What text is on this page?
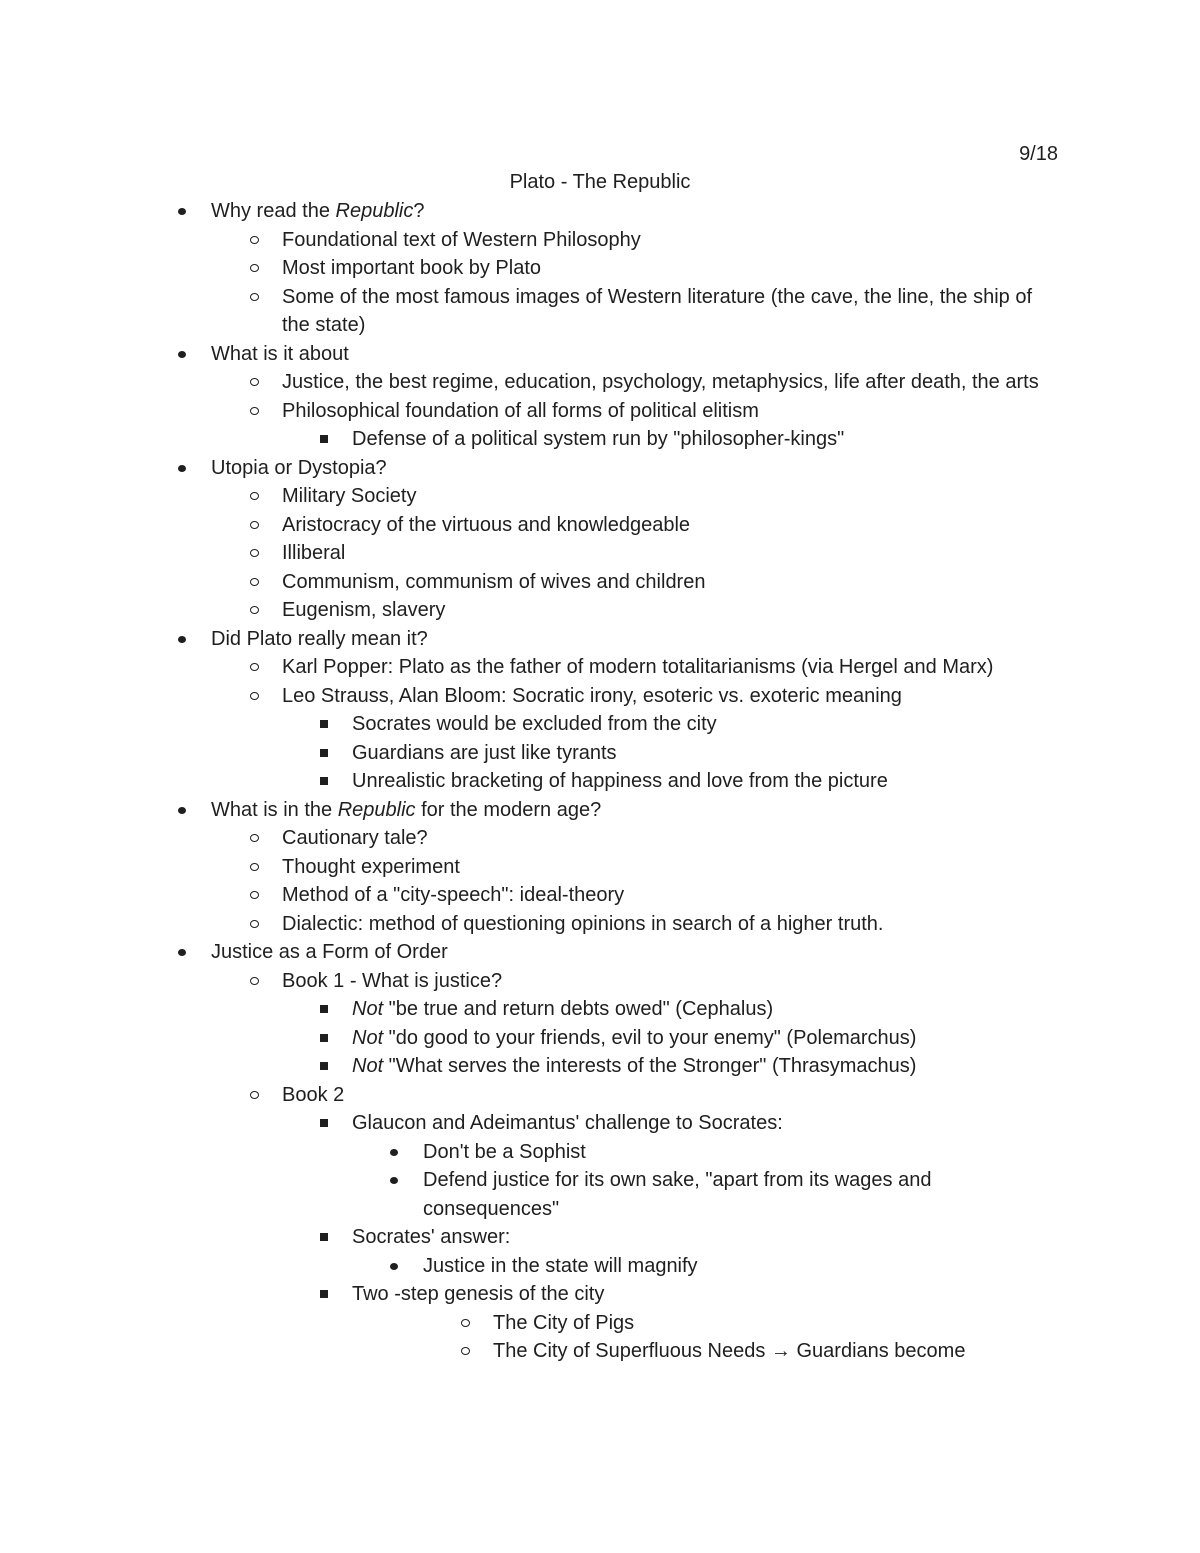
9/18
Plato - The Republic
Why read the Republic?
Foundational text of Western Philosophy
Most important book by Plato
Some of the most famous images of Western literature (the cave, the line, the ship of the state)
What is it about
Justice, the best regime, education, psychology, metaphysics, life after death, the arts
Philosophical foundation of all forms of political elitism
Defense of a political system run by "philosopher-kings"
Utopia or Dystopia?
Military Society
Aristocracy of the virtuous and knowledgeable
Illiberal
Communism, communism of wives and children
Eugenism, slavery
Did Plato really mean it?
Karl Popper: Plato as the father of modern totalitarianisms (via Hergel and Marx)
Leo Strauss, Alan Bloom: Socratic irony, esoteric vs. exoteric meaning
Socrates would be excluded from the city
Guardians are just like tyrants
Unrealistic bracketing of happiness and love from the picture
What is in the Republic for the modern age?
Cautionary tale?
Thought experiment
Method of a "city-speech": ideal-theory
Dialectic: method of questioning opinions in search of a higher truth.
Justice as a Form of Order
Book 1 - What is justice?
Not "be true and return debts owed" (Cephalus)
Not "do good to your friends, evil to your enemy" (Polemarchus)
Not "What serves the interests of the Stronger" (Thrasymachus)
Book 2
Glaucon and Adeimantus' challenge to Socrates:
Don't be a Sophist
Defend justice for its own sake, "apart from its wages and consequences"
Socrates' answer:
Justice in the state will magnify
Two -step genesis of the city
The City of Pigs
The City of Superfluous Needs → Guardians become
